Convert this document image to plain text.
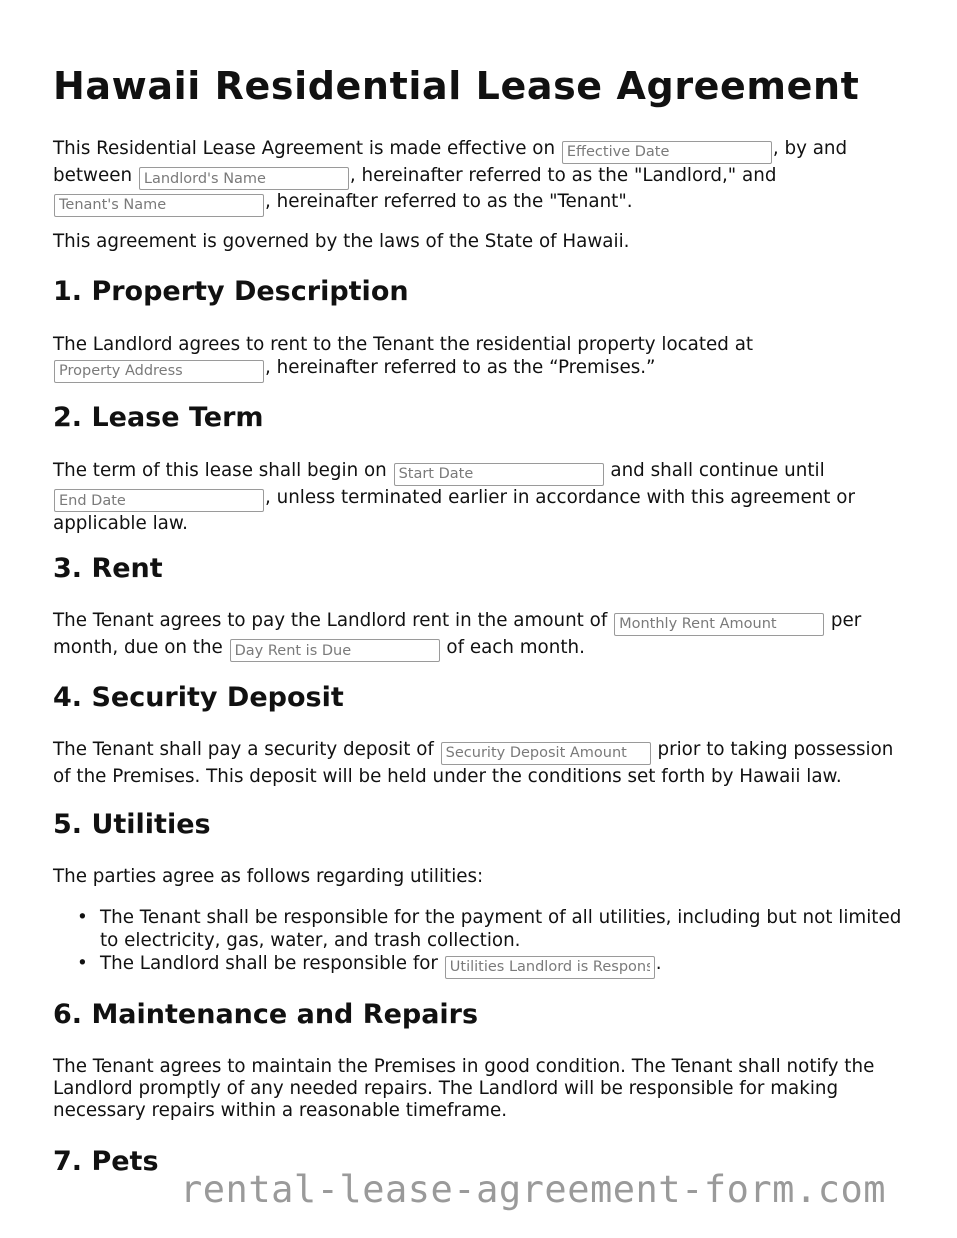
Hawaii Residential Lease Agreement

This Residential Lease Agreement is made effective on Effective Date	, by and between Landlord's Name	, hereinafter referred to as the "Landlord," and Tenant's Name, hereinafter referred to as the "Tenant".

This agreement is governed by the laws of the State of Hawaii.

1. Property Description

The Landlord agrees to rent to the Tenant the residential property located at Property Address, hereinafter referred to as the “Premises.”

2. Lease Term

The term of this lease shall begin on Start Date	and shall continue until End Date, unless terminated earlier in accordance with this agreement or applicable law.

3. Rent

The Tenant agrees to pay the Landlord rent in the amount of Monthly Rent Amount	per month, due on the Day Rent is Due	of each month.

4. Security Deposit

The Tenant shall pay a security deposit of Security Deposit Amount	prior to taking possession of the Premises. This deposit will be held under the conditions set forth by Hawaii law.

5. Utilities

The parties agree as follows regarding utilities:

• The Tenant shall be responsible for the payment of all utilities, including but not limited to electricity, gas, water, and trash collection.
• The Landlord shall be responsible for Utilities Landlord is Responsible For	.
6. Maintenance and Repairs

The Tenant agrees to maintain the Premises in good condition. The Tenant shall notify the Landlord promptly of any needed repairs. The Landlord will be responsible for making necessary repairs within a reasonable timeframe.

7. Pets
rental-lease-agreement-form.com
